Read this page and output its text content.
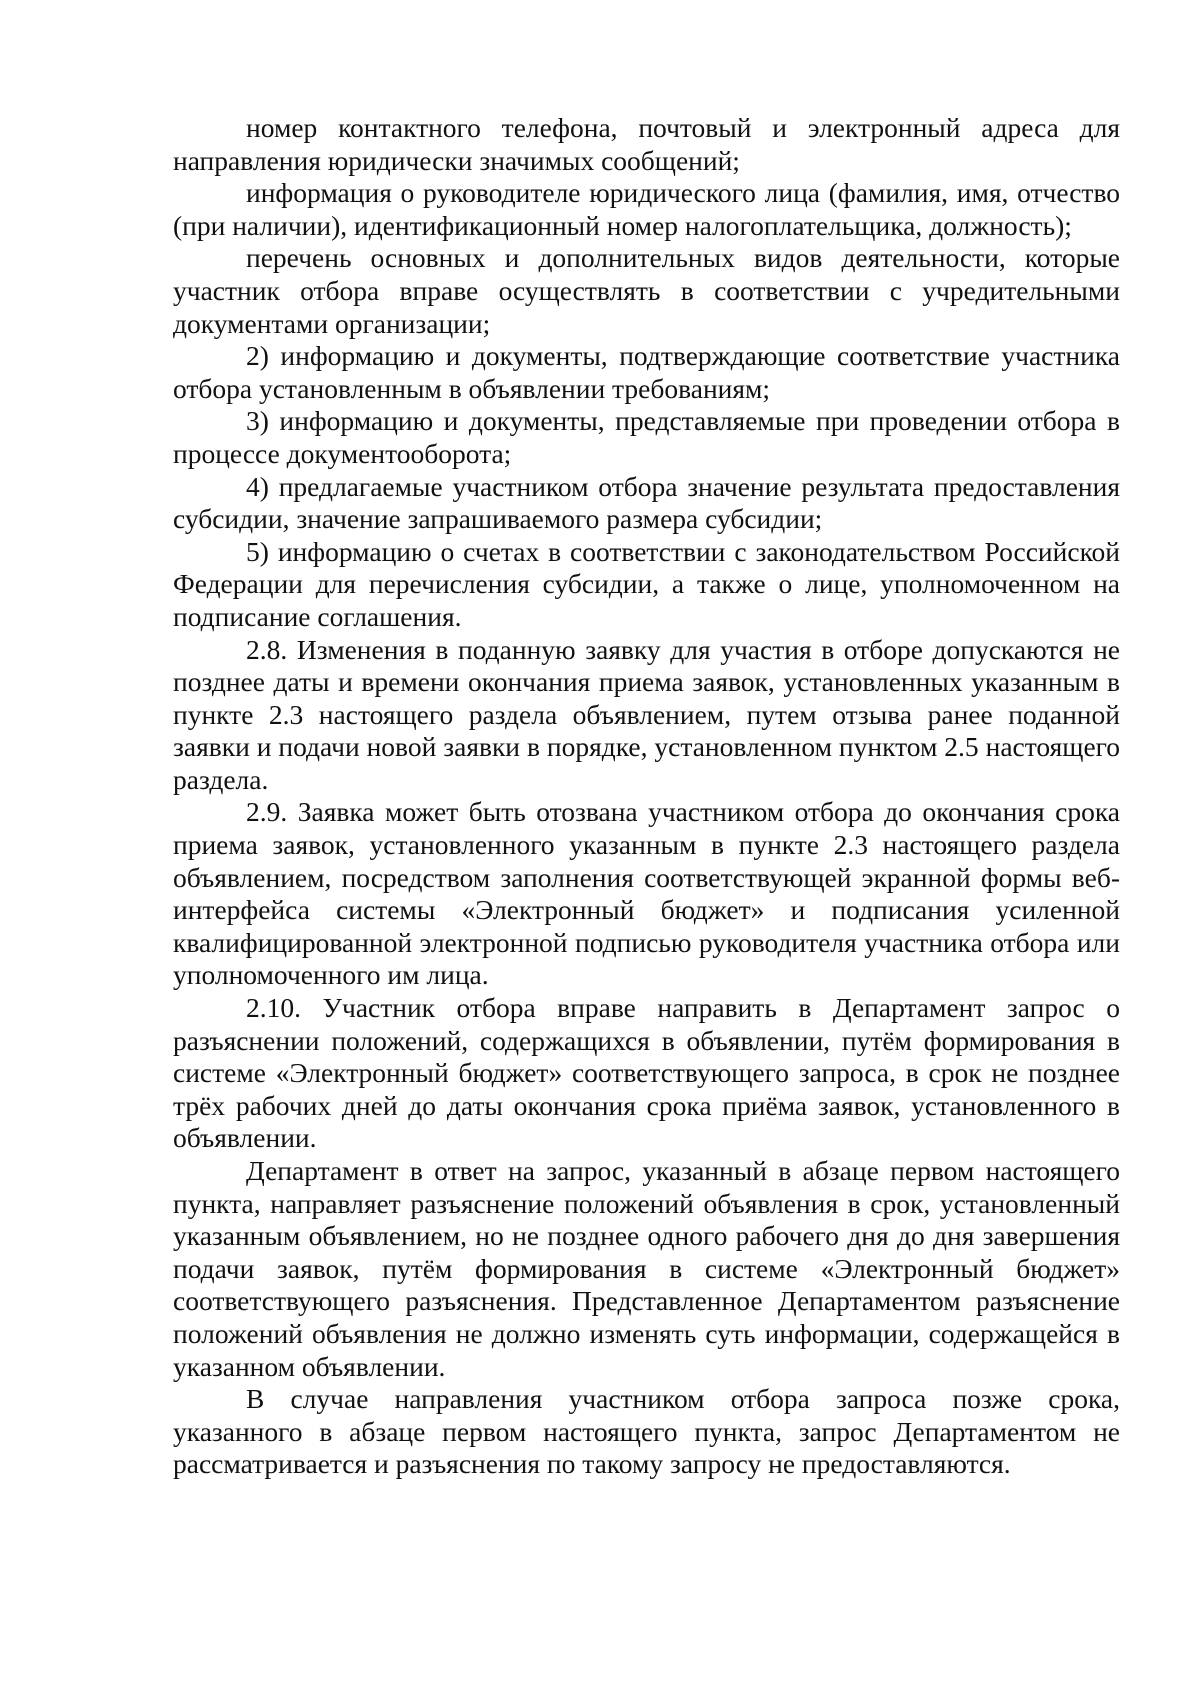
номер контактного телефона, почтовый и электронный адреса для направления юридически значимых сообщений;

информация о руководителе юридического лица (фамилия, имя, отчество (при наличии), идентификационный номер налогоплательщика, должность);

перечень основных и дополнительных видов деятельности, которые участник отбора вправе осуществлять в соответствии с учредительными документами организации;

2) информацию и документы, подтверждающие соответствие участника отбора установленным в объявлении требованиям;

3) информацию и документы, представляемые при проведении отбора в процессе документооборота;

4) предлагаемые участником отбора значение результата предоставления субсидии, значение запрашиваемого размера субсидии;

5) информацию о счетах в соответствии с законодательством Российской Федерации для перечисления субсидии, а также о лице, уполномоченном на подписание соглашения.

2.8. Изменения в поданную заявку для участия в отборе допускаются не позднее даты и времени окончания приема заявок, установленных указанным в пункте 2.3 настоящего раздела объявлением, путем отзыва ранее поданной заявки и подачи новой заявки в порядке, установленном пунктом 2.5 настоящего раздела.

2.9. Заявка может быть отозвана участником отбора до окончания срока приема заявок, установленного указанным в пункте 2.3 настоящего раздела объявлением, посредством заполнения соответствующей экранной формы веб-интерфейса системы «Электронный бюджет» и подписания усиленной квалифицированной электронной подписью руководителя участника отбора или уполномоченного им лица.

2.10. Участник отбора вправе направить в Департамент запрос о разъяснении положений, содержащихся в объявлении, путём формирования в системе «Электронный бюджет» соответствующего запроса, в срок не позднее трёх рабочих дней до даты окончания срока приёма заявок, установленного в объявлении.

Департамент в ответ на запрос, указанный в абзаце первом настоящего пункта, направляет разъяснение положений объявления в срок, установленный указанным объявлением, но не позднее одного рабочего дня до дня завершения подачи заявок, путём формирования в системе «Электронный бюджет» соответствующего разъяснения. Представленное Департаментом разъяснение положений объявления не должно изменять суть информации, содержащейся в указанном объявлении.

В случае направления участником отбора запроса позже срока, указанного в абзаце первом настоящего пункта, запрос Департаментом не рассматривается и разъяснения по такому запросу не предоставляются.
